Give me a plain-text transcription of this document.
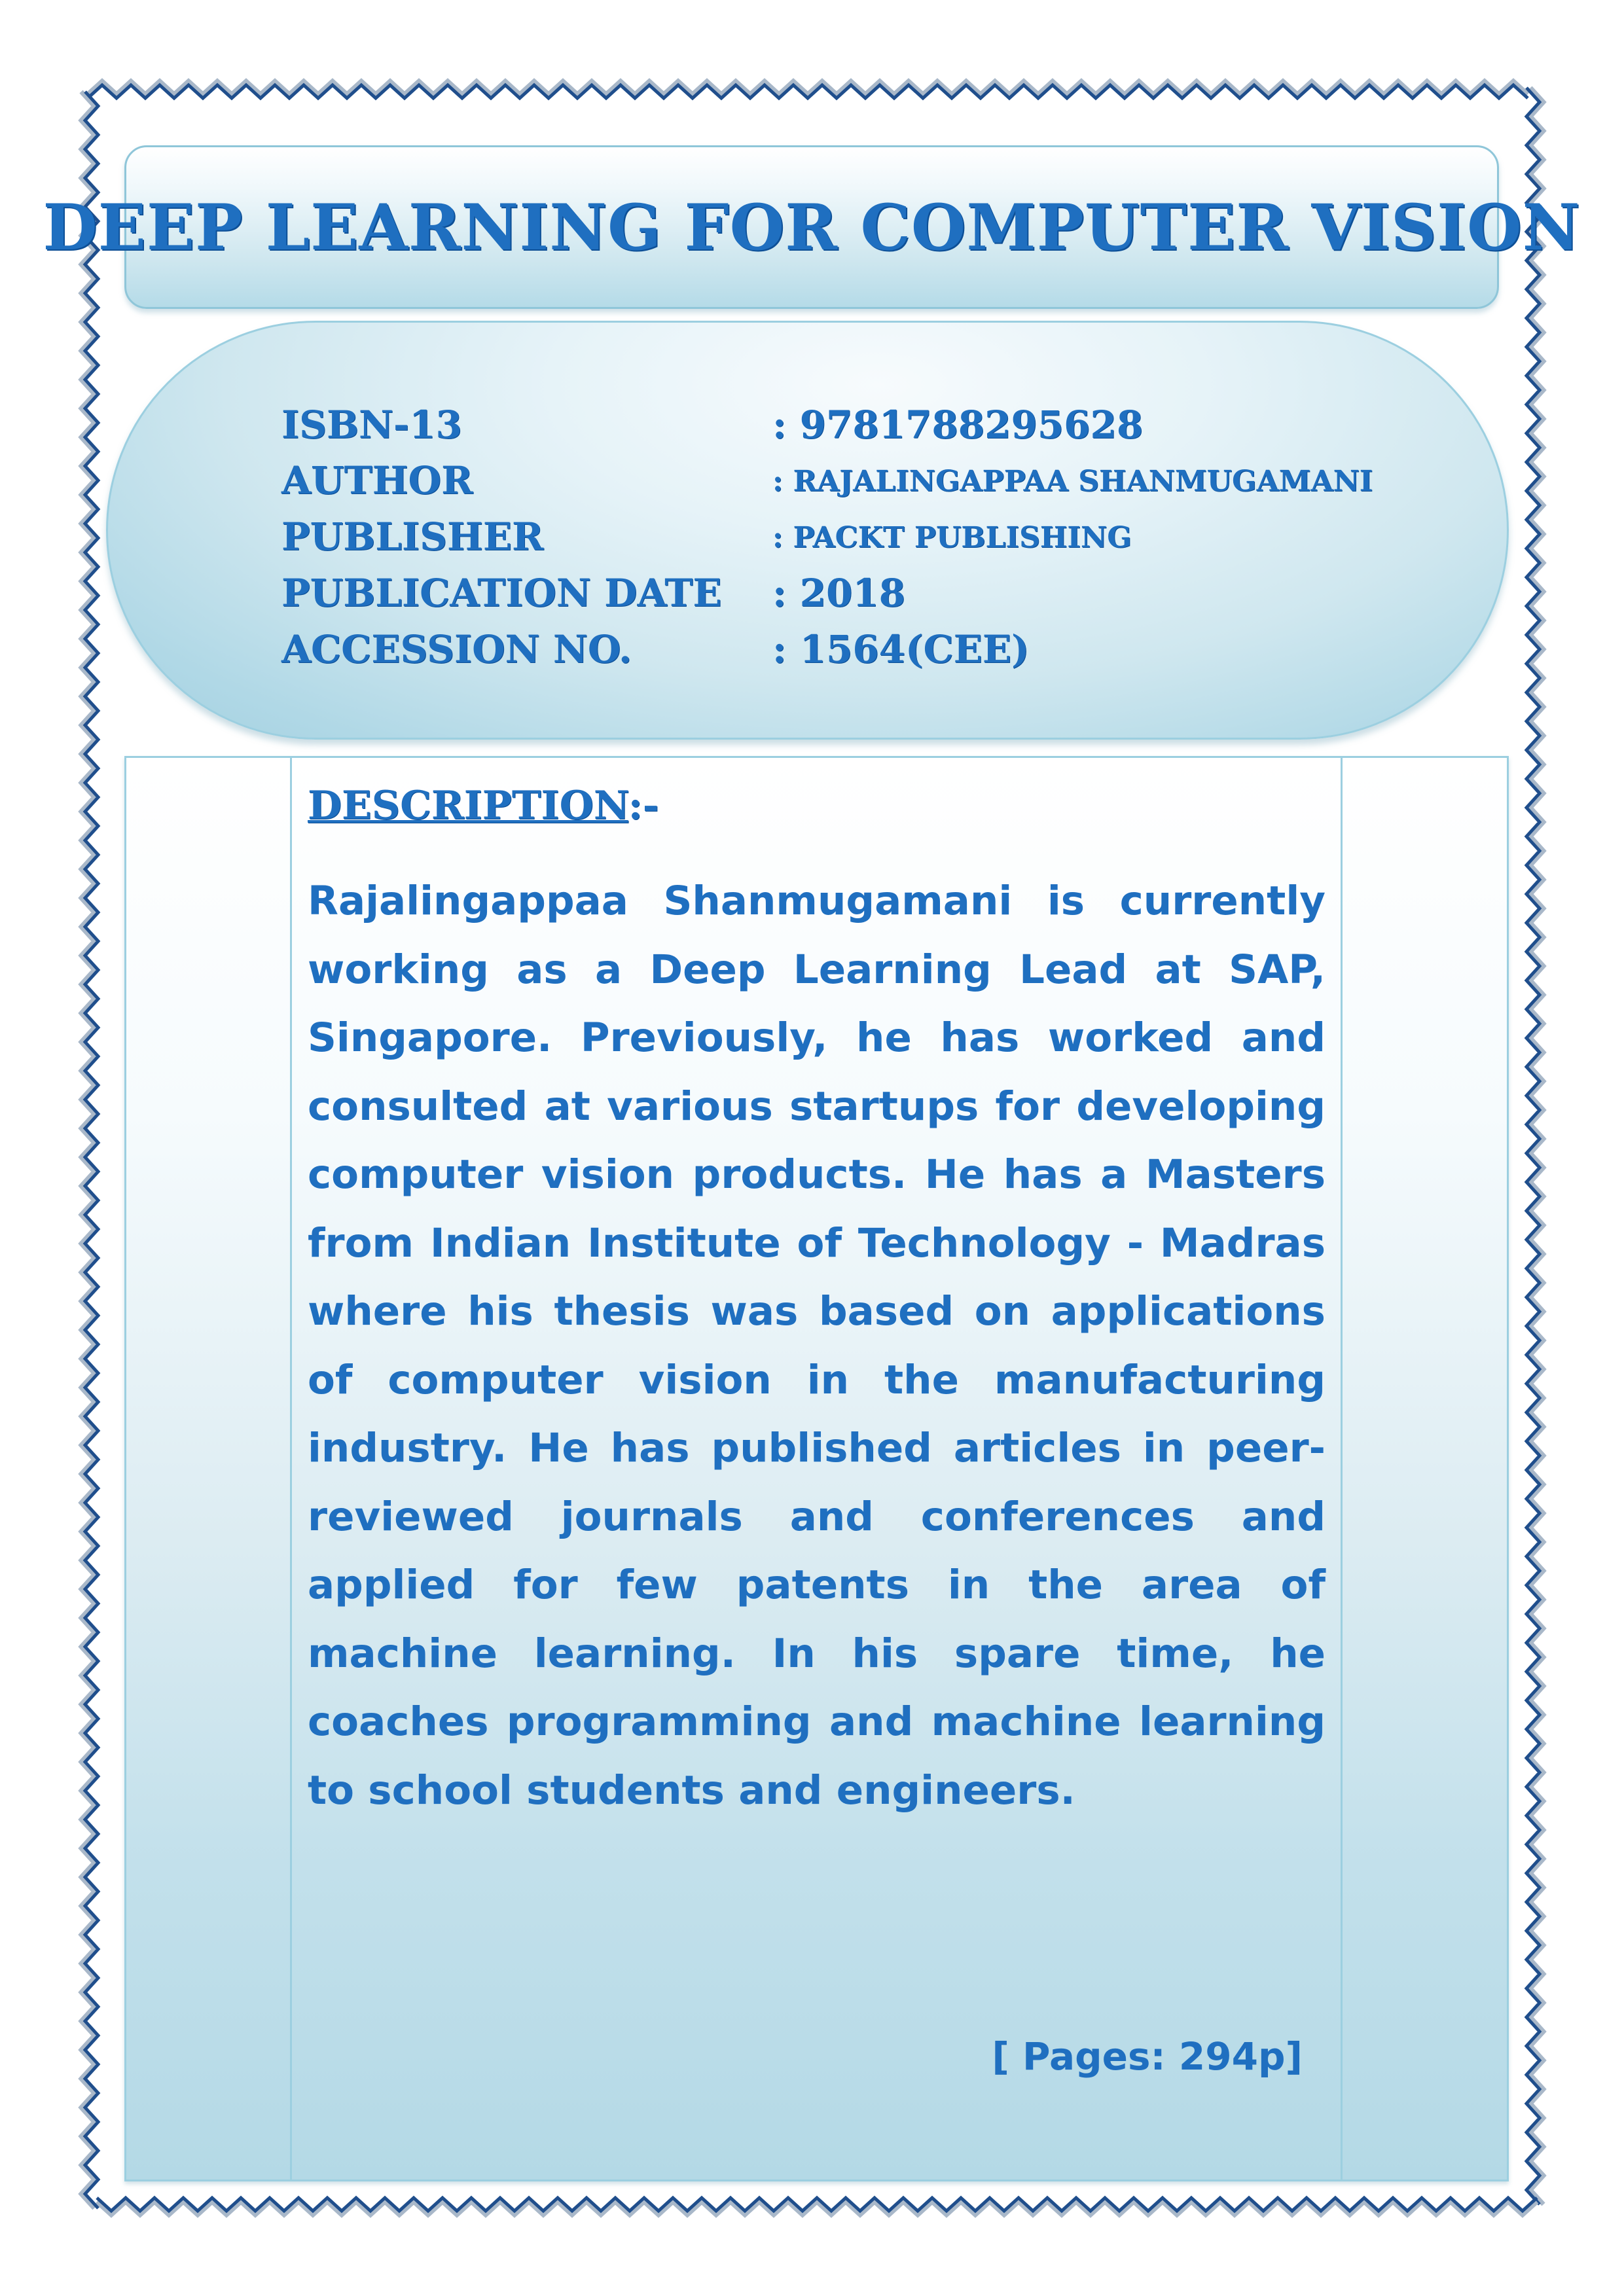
DEEP LEARNING FOR COMPUTER VISION
ISBN-13	: 9781788295628
AUTHOR	: RAJALINGAPPAA SHANMUGAMANI
PUBLISHER	: PACKT PUBLISHING
PUBLICATION DATE : 2018
ACCESSION NO.	: 1564(CEE)
DESCRIPTION:-
Rajalingappaa Shanmugamani is currently working as a Deep Learning Lead at SAP, Singapore. Previously, he has worked and consulted at various startups for developing computer vision products. He has a Masters from Indian Institute of Technology - Madras where his thesis was based on applications of computer vision in the manufacturing industry. He has published articles in peer-reviewed journals and conferences and applied for few patents in the area of machine learning. In his spare time, he coaches programming and machine learning to school students and engineers.
[ Pages: 294p]
